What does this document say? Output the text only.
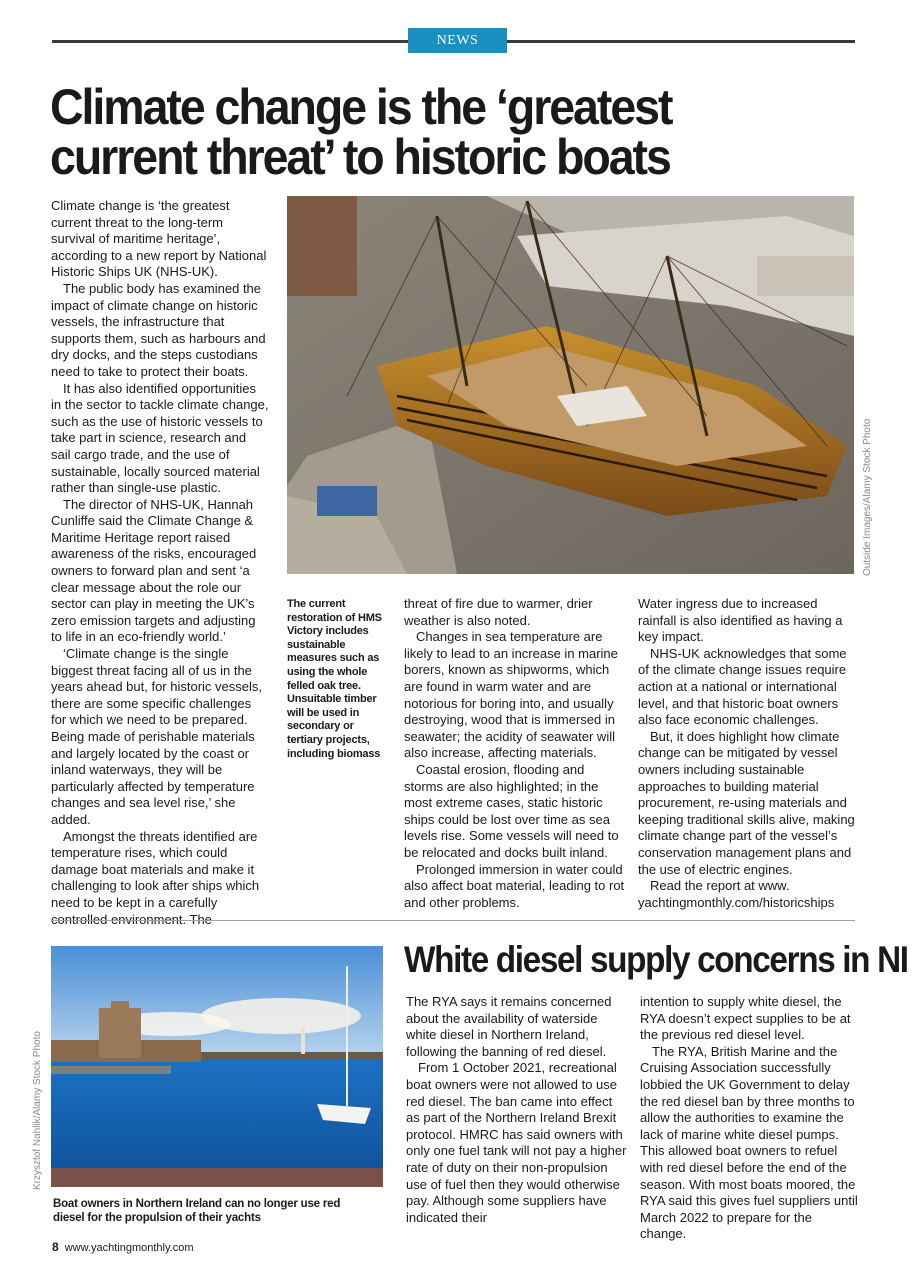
NEWS
Climate change is the ‘greatest current threat’ to historic boats

Climate change is ‘the greatest current threat to the long-term survival of maritime heritage’, according to a new report by National Historic Ships UK (NHS-UK).

The public body has examined the impact of climate change on historic vessels, the infrastructure that supports them, such as harbours and dry docks, and the steps custodians need to take to protect their boats.

It has also identified opportunities in the sector to tackle climate change, such as the use of historic vessels to take part in science, research and sail cargo trade, and the use of sustainable, locally sourced material rather than single-use plastic.

The director of NHS-UK, Hannah Cunliffe said the Climate Change & Maritime Heritage report raised awareness of the risks, encouraged owners to forward plan and sent ‘a clear message about the role our sector can play in meeting the UK’s zero emission targets and adjusting to life in an eco-friendly world.’

‘Climate change is the single biggest threat facing all of us in the years ahead but, for historic vessels, there are some specific challenges for which we need to be prepared. Being made of perishable materials and largely located by the coast or inland waterways, they will be particularly affected by temperature changes and sea level rise,’ she added.

Amongst the threats identified are temperature rises, which could damage boat materials and make it challenging to look after ships which need to be kept in a carefully

Outside Images/Alamy Stock Photo
The current restoration of HMS Victory includes sustainable measures such as using the whole felled oak tree. Unsuitable timber will be used in secondary or tertiary projects, including biomass

threat of fire due to warmer, drier weather is also noted.

Changes in sea temperature are likely to lead to an increase in marine borers, known as shipworms, which are found in warm water and are notorious for boring into, and usually destroying, wood that is immersed in seawater; the acidity of seawater will also increase, affecting materials.

Coastal erosion, flooding and storms are also highlighted; in the most extreme cases, static historic ships could be lost over time as sea levels rise. Some vessels will need to be relocated and docks built inland.

Prolonged immersion in water could also affect boat material, leading to rot and other problems.

Water ingress due to increased rainfall is also identified as having a key impact.

NHS-UK acknowledges that some of the climate change issues require action at a national or international level, and that historic boat owners also face economic challenges.

But, it does highlight how climate change can be mitigated by vessel owners including sustainable approaches to building material procurement, re-using materials and keeping traditional skills alive, making climate change part of the vessel’s conservation management plans and the use of electric engines.

Read the report at www. yachtingmonthly.com/historicships

Krzysztof Nahlik/Alamy Stock Photo
Boat owners in Northern Ireland can no longer use red diesel for the propulsion of their yachts
White diesel supply concerns in NI

The RYA says it remains concerned about the availability of waterside white diesel in Northern Ireland, following the banning of red diesel.

From 1 October 2021, recreational boat owners were not allowed to use red diesel. The ban came into effect as part of the Northern Ireland Brexit protocol. HMRC has said owners with only one fuel tank will not pay a higher rate of duty on their non-propulsion use of fuel then they would otherwise pay. Although some suppliers have indicated their

intention to supply white diesel, the RYA doesn’t expect supplies to be at the previous red diesel level.

The RYA, British Marine and the Cruising Association successfully lobbied the UK Government to delay the red diesel ban by three months to allow the authorities to examine the lack of marine white diesel pumps. This allowed boat owners to refuel with red diesel before the end of the season. With most boats moored, the RYA said this gives fuel suppliers until March 2022 to prepare for the change.

8 www.yachtingmonthly.com
